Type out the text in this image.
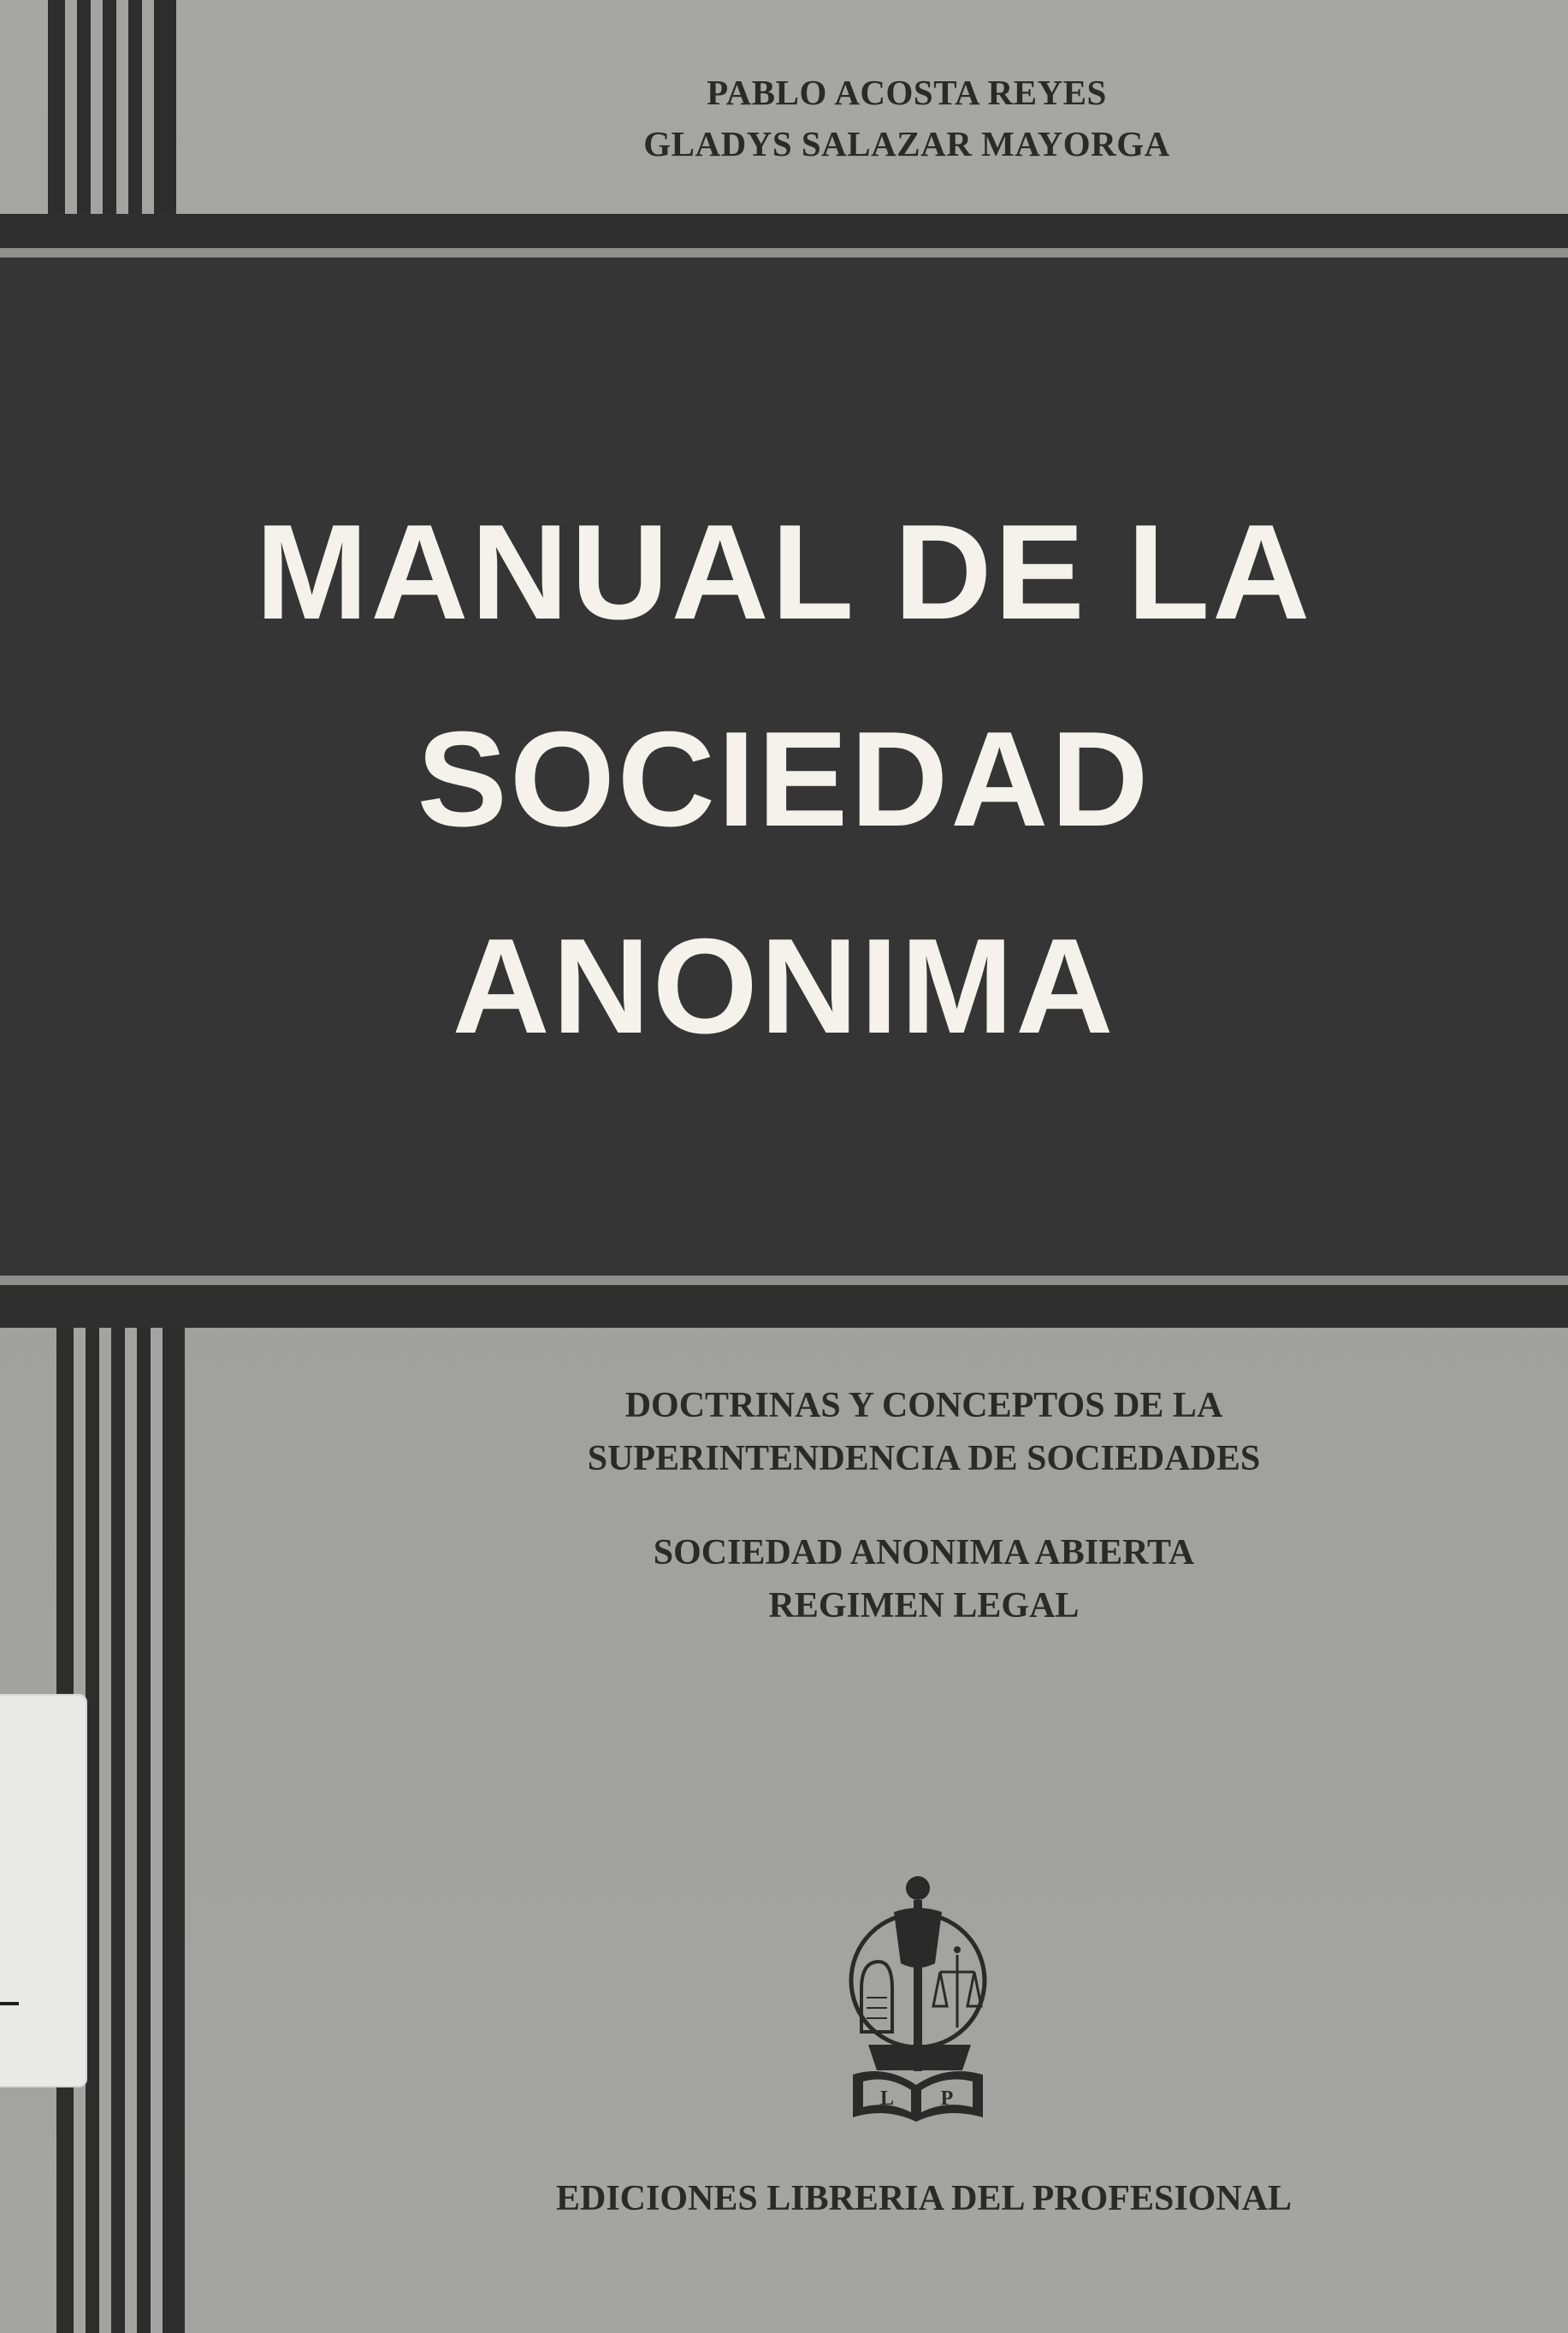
PABLO ACOSTA REYES
GLADYS SALAZAR MAYORGA
MANUAL DE LA
SOCIEDAD
ANONIMA
DOCTRINAS Y CONCEPTOS DE LA
SUPERINTENDENCIA DE SOCIEDADES
SOCIEDAD ANONIMA ABIERTA
REGIMEN LEGAL
L P
EDICIONES LIBRERIA DEL PROFESIONAL
